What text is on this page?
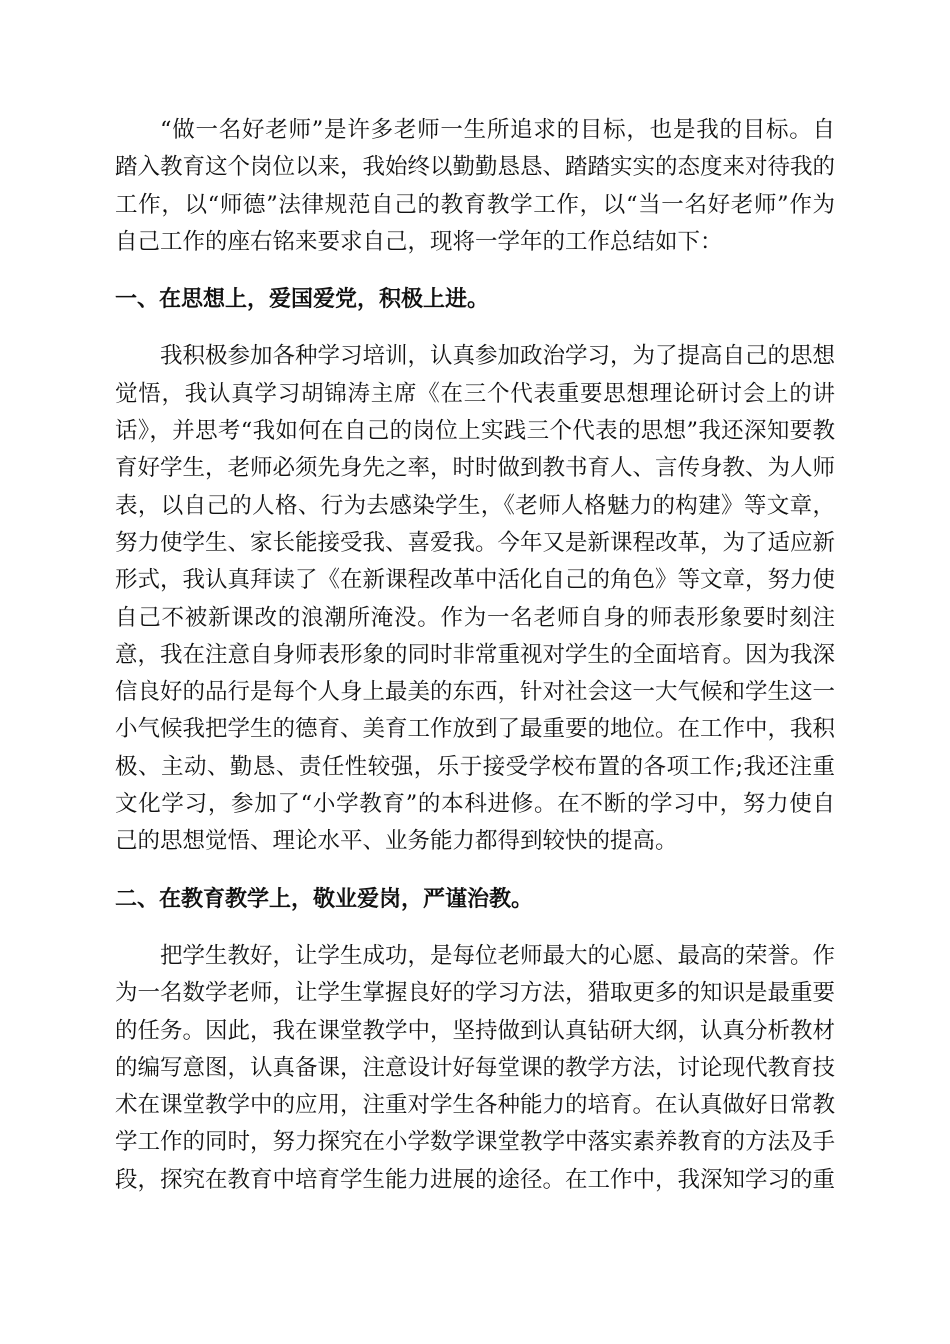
“做一名好老师”是许多老师一生所追求的目标，也是我的目标。自踏入教育这个岗位以来，我始终以勤勤恳恳、踏踏实实的态度来对待我的工作，以“师德”法律规范自己的教育教学工作，以“当一名好老师”作为自己工作的座右铭来要求自己，现将一学年的工作总结如下：

一、在思想上，爱国爱党，积极上进。

我积极参加各种学习培训，认真参加政治学习，为了提高自己的思想觉悟，我认真学习胡锦涛主席《在三个代表重要思想理论研讨会上的讲话》，并思考“我如何在自己的岗位上实践三个代表的思想”我还深知要教育好学生，老师必须先身先之率，时时做到教书育人、言传身教、为人师表，以自己的人格、行为去感染学生，《老师人格魅力的构建》等文章，努力使学生、家长能接受我、喜爱我。今年又是新课程改革，为了适应新形式，我认真拜读了《在新课程改革中活化自己的角色》等文章，努力使自己不被新课改的浪潮所淹没。作为一名老师自身的师表形象要时刻注意，我在注意自身师表形象的同时非常重视对学生的全面培育。因为我深信良好的品行是每个人身上最美的东西，针对社会这一大气候和学生这一小气候我把学生的德育、美育工作放到了最重要的地位。在工作中，我积极、主动、勤恳、责任性较强，乐于接受学校布置的各项工作;我还注重文化学习，参加了“小学教育”的本科进修。在不断的学习中，努力使自己的思想觉悟、理论水平、业务能力都得到较快的提高。

二、在教育教学上，敬业爱岗，严谨治教。

把学生教好，让学生成功，是每位老师最大的心愿、最高的荣誉。作为一名数学老师，让学生掌握良好的学习方法，猎取更多的知识是最重要的任务。因此，我在课堂教学中，坚持做到认真钻研大纲，认真分析教材的编写意图，认真备课，注意设计好每堂课的教学方法，讨论现代教育技术在课堂教学中的应用，注重对学生各种能力的培育。在认真做好日常教学工作的同时，努力探究在小学数学课堂教学中落实素养教育的方法及手段，探究在教育中培育学生能力进展的途径。在工作中，我深知学习的重
